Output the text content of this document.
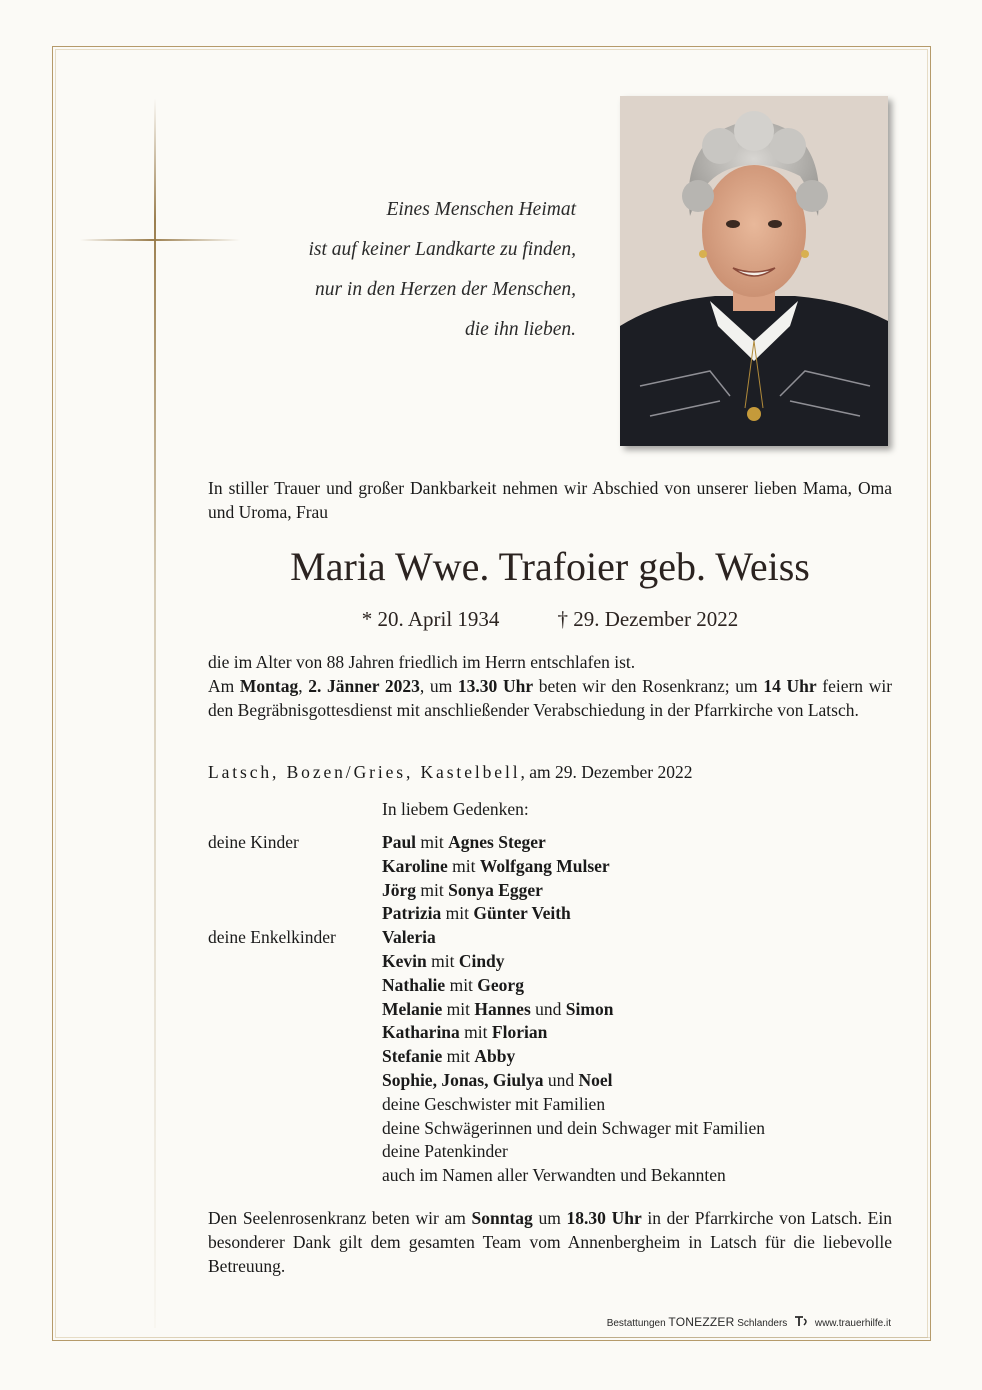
Eines Menschen Heimat
ist auf keiner Landkarte zu finden,
nur in den Herzen der Menschen,
die ihn lieben.
In stiller Trauer und großer Dankbarkeit nehmen wir Abschied von unserer lieben Mama, Oma und Uroma, Frau
Maria Wwe. Trafoier geb. Weiss
* 20. April 1934	† 29. Dezember 2022

die im Alter von 88 Jahren friedlich im Herrn entschlafen ist.

Am Montag, 2. Jänner 2023, um 13.30 Uhr beten wir den Rosenkranz; um 14 Uhr feiern wir den Begräbnisgottesdienst mit anschließender Verabschiedung in der Pfarrkirche von Latsch.

Latsch, Bozen/Gries, Kastelbell, am 29. Dezember 2022
In liebem Gedenken:
deine Kinder
deine Enkelkinder
Paul mit Agnes Steger
Karoline mit Wolfgang Mulser
Jörg mit Sonya Egger
Patrizia mit Günter Veith
Valeria
Kevin mit Cindy
Nathalie mit Georg
Melanie mit Hannes und Simon
Katharina mit Florian
Stefanie mit Abby
Sophie, Jonas, Giulya und Noel
deine Geschwister mit Familien
deine Schwägerinnen und dein Schwager mit Familien
deine Patenkinder
auch im Namen aller Verwandten und Bekannten
Den Seelenrosenkranz beten wir am Sonntag um 18.30 Uhr in der Pfarrkirche von Latsch. Ein besonderer Dank gilt dem gesamten Team vom Annenbergheim in Latsch für die liebevolle Betreuung.
Bestattungen TONEZZER Schlanders	www.trauerhilfe.it
